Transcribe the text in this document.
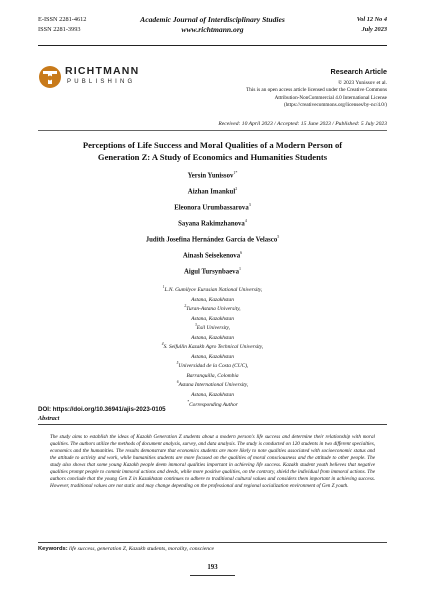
E-ISSN 2281-4612
ISSN 2281-3993
Academic Journal of Interdisciplinary Studies
www.richtmann.org
Vol 12 No 4
July 2023
RICHTMANN
PUBLISHING
Research Article
© 2023 Yunissov et al.
This is an open access article licensed under the Creative Commons
Attribution-NonCommercial 4.0 International License
(https://creativecommons.org/licenses/by-nc/4.0/)
Received: 10 April 2023 / Accepted: 15 June 2023 / Published: 5 July 2023
Perceptions of Life Success and Moral Qualities of a Modern Person of
Generation Z: A Study of Economics and Humanities Students
Yersin Yunissov$^{1*}$
Aizhan Imankul$^2$
Eleonora Urumbassarova$^3$
Sayana Rakimzhanova$^4$
Judith Josefina Hernández García de Velasco$^5$
Ainash Seisekenova$^6$
Aigul Tursynbaeva$^1$
$^1$L.N. Gumilyov Eurasian National University,
Astana, Kazakhstan
$^2$Turan-Astana University,
Astana, Kazakhstan
$^3$Esil University,
Astana, Kazakhstan
$^4$S. Seifullin Kazakh Agro Technical University,
Astana, Kazakhstan
$^5$Universidad de la Costa (CUC),
Barranquilla, Colombia
$^6$Astana International University,
Astana, Kazakhstan
*Corresponding Author
DOI: https://doi.org/10.36941/ajis-2023-0105
Abstract
The study aims to establish the ideas of Kazakh Generation Z students about a modern person's life success and determine their relationship with moral qualities. The authors utilize the methods of document analysis, survey, and data analysis. The study is conducted on 120 students in two different specialties, economics and the humanities. The results demonstrate that economics students are more likely to note qualities associated with socioeconomic status and the attitude to activity and work, while humanities students are more focused on the qualities of moral consciousness and the attitude to other people. The study also shows that some young Kazakh people deem immoral qualities important in achieving life success. Kazakh student youth believes that negative qualities prompt people to commit immoral actions and deeds, while more positive qualities, on the contrary, shield the individual from immoral actions. The authors conclude that the young Gen Z in Kazakhstan continues to adhere to traditional cultural values and considers them important in achieving success. However, traditional values are not static and may change depending on the professional and regional socialization environment of Gen Z youth.
Keywords: life success, generation Z, Kazakh students, morality, conscience
193
